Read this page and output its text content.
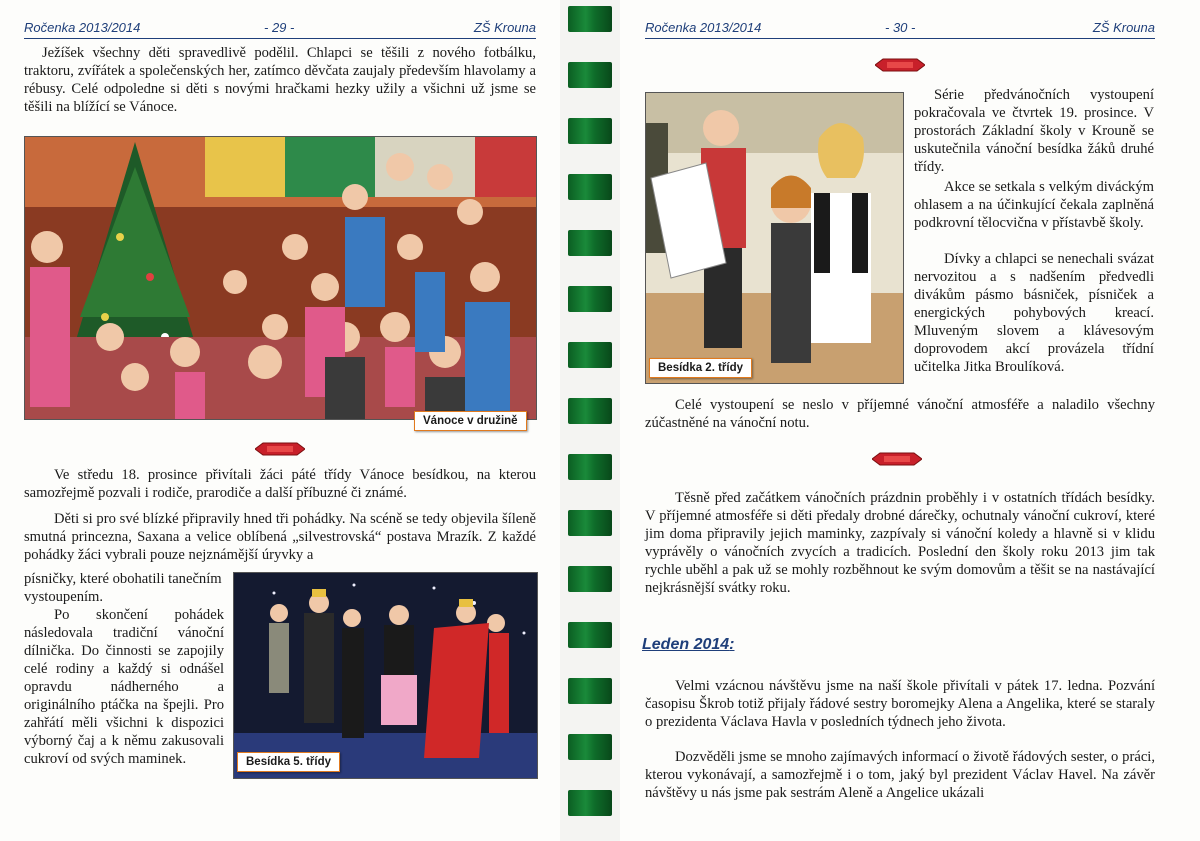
Ročenka 2013/2014	- 29 -	ZŠ Krouna

Ježíšek všechny děti spravedlivě podělil. Chlapci se těšili z nového fotbálku, traktoru, zvířátek a společenských her, zatímco děvčata zaujaly především hlavolamy a rébusy. Celé odpoledne si děti s novými hračkami hezky užily a všichni už jsme se těšili na blížící se Vánoce.

Vánoce v družině

Ve středu 18. prosince přivítali žáci páté třídy Vánoce besídkou, na kterou samozřejmě pozvali i rodiče, prarodiče a další příbuzné či známé.

Děti si pro své blízké připravily hned tři pohádky. Na scéně se tedy objevila šíleně smutná princezna, Saxana a velice oblíbená „silvestrovská“ postava Mrazík. Z každé pohádky žáci vybrali pouze nejznámější úryvky a

písničky, které obohatili tanečním vystoupením.

Po skončení pohádek následovala tradiční vánoční dílnička. Do činnosti se zapojily celé rodiny a každý si odnášel opravdu nádherného a originálního ptáčka na špejli. Pro zahřátí měli všichni k dispozici výborný čaj a k němu zakusovali cukroví od svých maminek.	Besídka 5. třídy
Ročenka 2013/2014	- 30 -	ZŠ Krouna
Besídka 2. třídy

Série předvánočních vystoupení pokračovala ve čtvrtek 19. prosince. V prostorách Základní školy v Krouně se uskutečnila vánoční besídka žáků druhé třídy.

Akce se setkala s velkým diváckým ohlasem a na účinkující čekala zaplněná podkrovní tělocvična v přístavbě školy.

Dívky a chlapci se nenechali svázat nervozitou a s nadšením předvedli divákům pásmo básniček, písniček a energických pohybových kreací. Mluveným slovem a klávesovým doprovodem akcí provázela třídní učitelka Jitka Broulíková.

Celé vystoupení se neslo v příjemné vánoční atmosféře a naladilo všechny zúčastněné na vánoční notu.

Těsně před začátkem vánočních prázdnin proběhly i v ostatních třídách besídky. V příjemné atmosféře si děti předaly drobné dárečky, ochutnaly vánoční cukroví, které jim doma připravily jejich maminky, zazpívaly si vánoční koledy a hlavně si v klidu vyprávěly o vánočních zvycích a tradicích. Poslední den školy roku 2013 jim tak rychle uběhl a pak už se mohly rozběhnout ke svým domovům a těšit se na nastávající nejkrásnější svátky roku.

Leden 2014:

Velmi vzácnou návštěvu jsme na naší škole přivítali v pátek 17. ledna. Pozvání časopisu Škrob totiž přijaly řádové sestry boromejky Alena a Angelika, které se staraly o prezidenta Václava Havla v posledních týdnech jeho života.

Dozvěděli jsme se mnoho zajímavých informací o životě řádových sester, o práci, kterou vykonávají, a samozřejmě i o tom, jaký byl prezident Václav Havel. Na závěr návštěvy u nás jsme pak sestrám Aleně a Angelice ukázali
